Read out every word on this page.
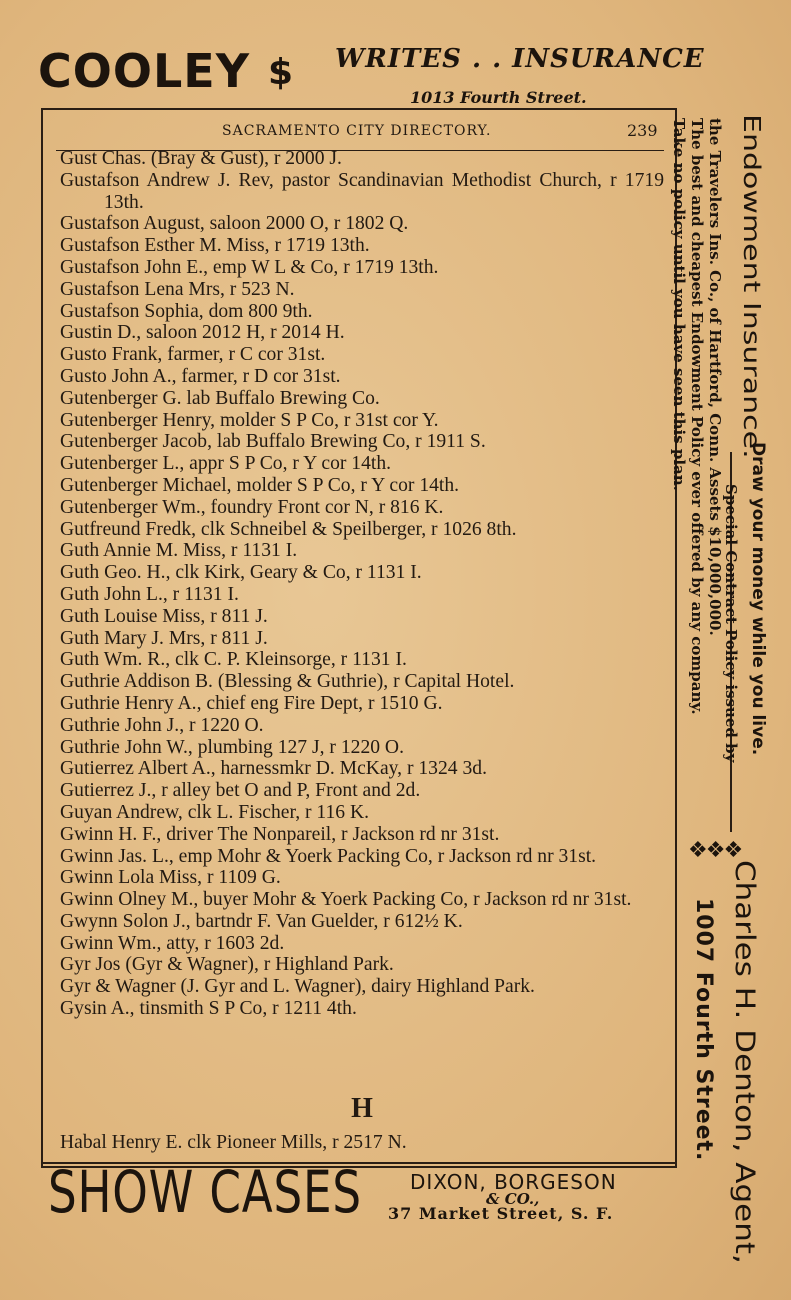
COOLEY $ WRITES . . INSURANCE
1013 Fourth Street.
SACRAMENTO CITY DIRECTORY.	239
Gust Chas. (Bray & Gust), r 2000 J.
Gustafson Andrew J. Rev, pastor Scandinavian Methodist Church, r 1719 13th.
Gustafson August, saloon 2000 O, r 1802 Q.
Gustafson Esther M. Miss, r 1719 13th.
Gustafson John E., emp W L & Co, r 1719 13th.
Gustafson Lena Mrs, r 523 N.
Gustafson Sophia, dom 800 9th.
Gustin D., saloon 2012 H, r 2014 H.
Gusto Frank, farmer, r C cor 31st.
Gusto John A., farmer, r D cor 31st.
Gutenberger G. lab Buffalo Brewing Co.
Gutenberger Henry, molder S P Co, r 31st cor Y.
Gutenberger Jacob, lab Buffalo Brewing Co, r 1911 S.
Gutenberger L., appr S P Co, r Y cor 14th.
Gutenberger Michael, molder S P Co, r Y cor 14th.
Gutenberger Wm., foundry Front cor N, r 816 K.
Gutfreund Fredk, clk Schneibel & Speilberger, r 1026 8th.
Guth Annie M. Miss, r 1131 I.
Guth Geo. H., clk Kirk, Geary & Co, r 1131 I.
Guth John L., r 1131 I.
Guth Louise Miss, r 811 J.
Guth Mary J. Mrs, r 811 J.
Guth Wm. R., clk C. P. Kleinsorge, r 1131 I.
Guthrie Addison B. (Blessing & Guthrie), r Capital Hotel.
Guthrie Henry A., chief eng Fire Dept, r 1510 G.
Guthrie John J., r 1220 O.
Guthrie John W., plumbing 127 J, r 1220 O.
Gutierrez Albert A., harnessmkr D. McKay, r 1324 3d.
Gutierrez J., r alley bet O and P, Front and 2d.
Guyan Andrew, clk L. Fischer, r 116 K.
Gwinn H. F., driver The Nonpareil, r Jackson rd nr 31st.
Gwinn Jas. L., emp Mohr & Yoerk Packing Co, r Jackson rd nr 31st.
Gwinn Lola Miss, r 1109 G.
Gwinn Olney M., buyer Mohr & Yoerk Packing Co, r Jackson rd nr 31st.
Gwynn Solon J., bartndr F. Van Guelder, r 612½ K.
Gwinn Wm., atty, r 1603 2d.
Gyr Jos (Gyr & Wagner), r Highland Park.
Gyr & Wagner (J. Gyr and L. Wagner), dairy Highland Park.
Gysin A., tinsmith S P Co, r 1211 4th.
H
Habal Henry E. clk Pioneer Mills, r 2517 N.
SHOW CASES DIXON, BORGESON
& CO.,
37 Market Street, S. F.
Endowment Insurance.
the Travelers Ins. Co., of Hartford, Conn. Assets $10,000,000.
The best and cheapest Endowment Policy ever offered by any company.
Take no policy until you have seen this plan.
Draw your money while you live.
Special Contract Policy issued by
❖❖❖
Charles H. Denton, Agent,
1007 Fourth Street.
